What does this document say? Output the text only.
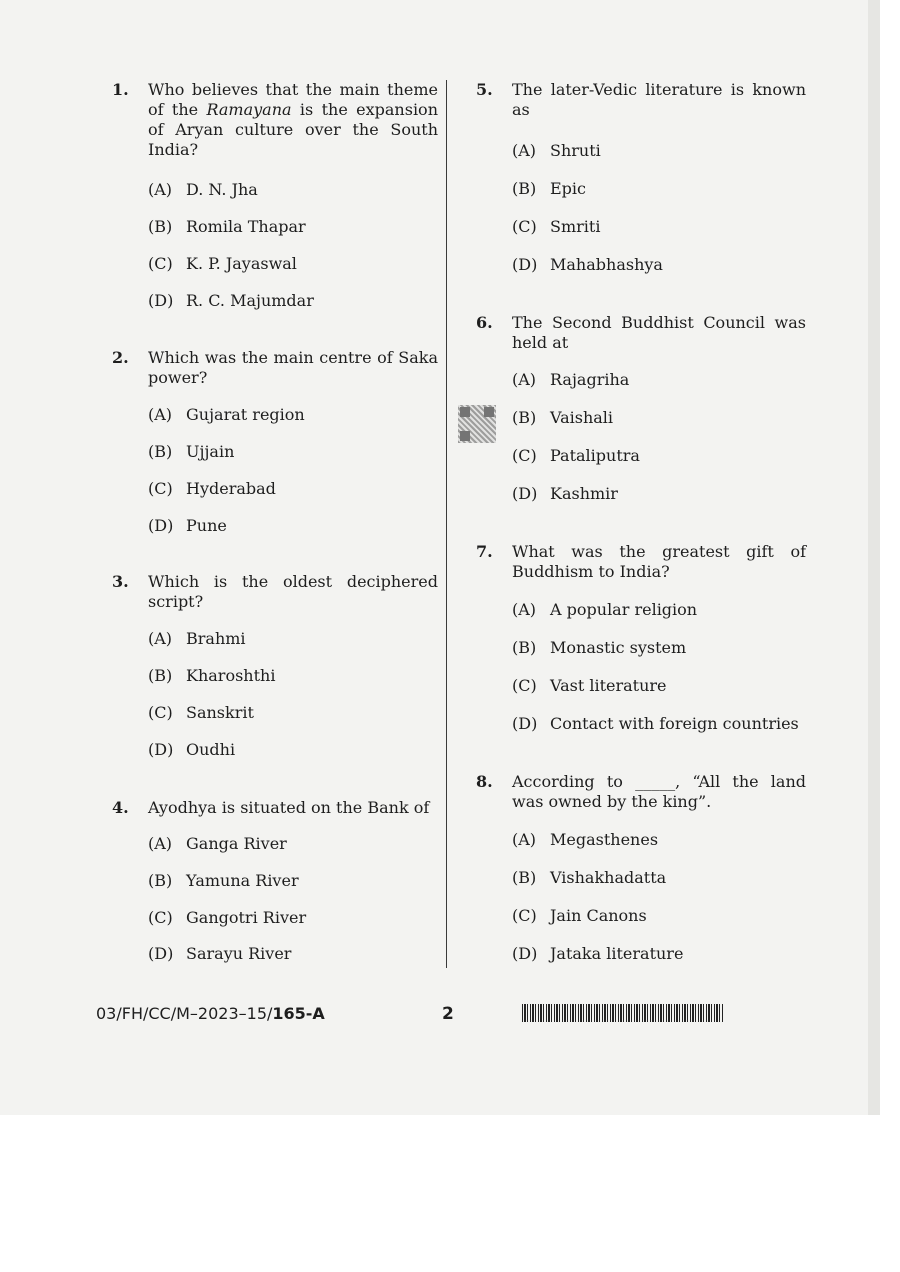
1.	Who believes that the main theme of the Ramayana is the expansion of Aryan culture over the South India?
(A) D. N. Jha
(B) Romila Thapar
(C) K. P. Jayaswal
(D) R. C. Majumdar
2.	Which was the main centre of Saka power?
(A) Gujarat region
(B) Ujjain
(C) Hyderabad
(D) Pune
3.	Which is the oldest deciphered script?
(A) Brahmi
(B) Kharoshthi
(C) Sanskrit
(D) Oudhi
4.	Ayodhya is situated on the Bank of
(A) Ganga River
(B) Yamuna River
(C) Gangotri River
(D) Sarayu River
5.	The later-Vedic literature is known as
(A) Shruti
(B) Epic
(C) Smriti
(D) Mahabhashya
6.	The Second Buddhist Council was held at
(A) Rajagriha
(B) Vaishali
(C) Pataliputra
(D) Kashmir
7.	What was the greatest gift of Buddhism to India?
(A) A popular religion
(B) Monastic system
(C) Vast literature
(D) Contact with foreign countries
8.	According to _____, “All the land was owned by the king”.
(A) Megasthenes
(B) Vishakhadatta
(C) Jain Canons
(D) Jataka literature
03/FH/CC/M–2023–15/165-A	2
